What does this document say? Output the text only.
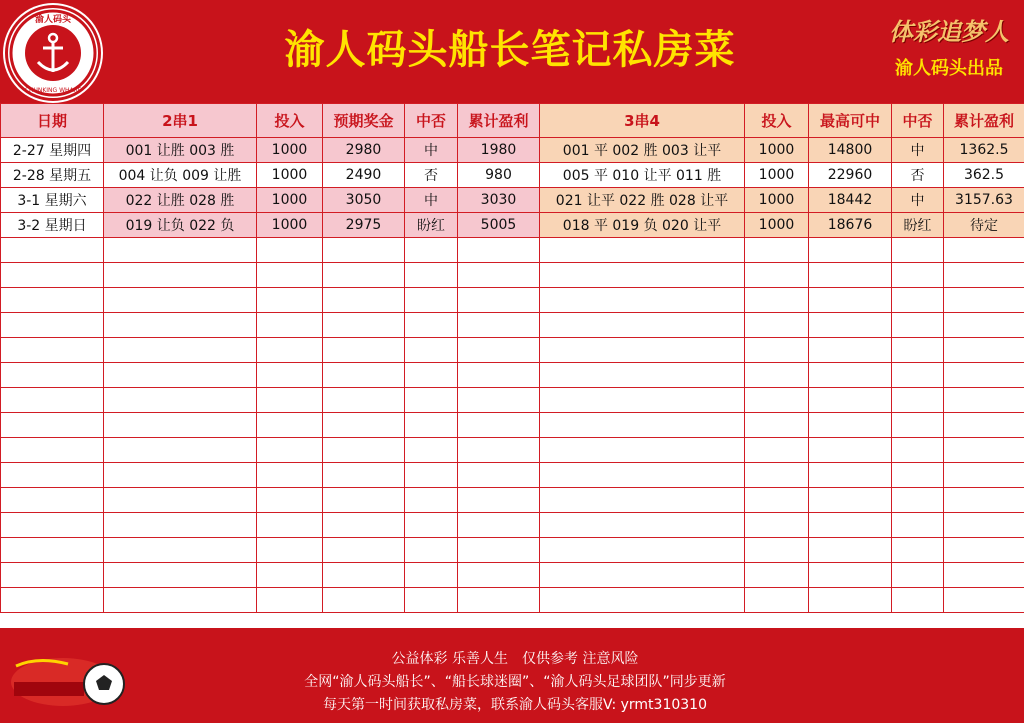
渝人码头
CHUNKING WHARF
渝人码头船长笔记私房菜	体彩追梦人
渝人码头出品
日期	2串1	投入	预期奖金	中否	累计盈利	3串4	投入	最高可中	中否	累计盈利
2-27 星期四	001 让胜 003 胜	1000	2980	中	1980	001 平 002 胜 003 让平	1000	14800	中	1362.5
2-28 星期五	004 让负 009 让胜	1000	2490	否	980	005 平 010 让平 011 胜	1000	22960	否	362.5
3-1 星期六	022 让胜 028 胜	1000	3050	中	3030	021 让平 022 胜 028 让平	1000	18442	中	3157.63
3-2 星期日	019 让负 022 负	1000	2975	盼红	5005	018 平 019 负 020 让平	1000	18676	盼红	待定

公益体彩 乐善人生　仅供参考 注意风险
全网“渝人码头船长”、“船长球迷圈”、“渝人码头足球团队”同步更新
每天第一时间获取私房菜，联系渝人码头客服V: yrmt310310
